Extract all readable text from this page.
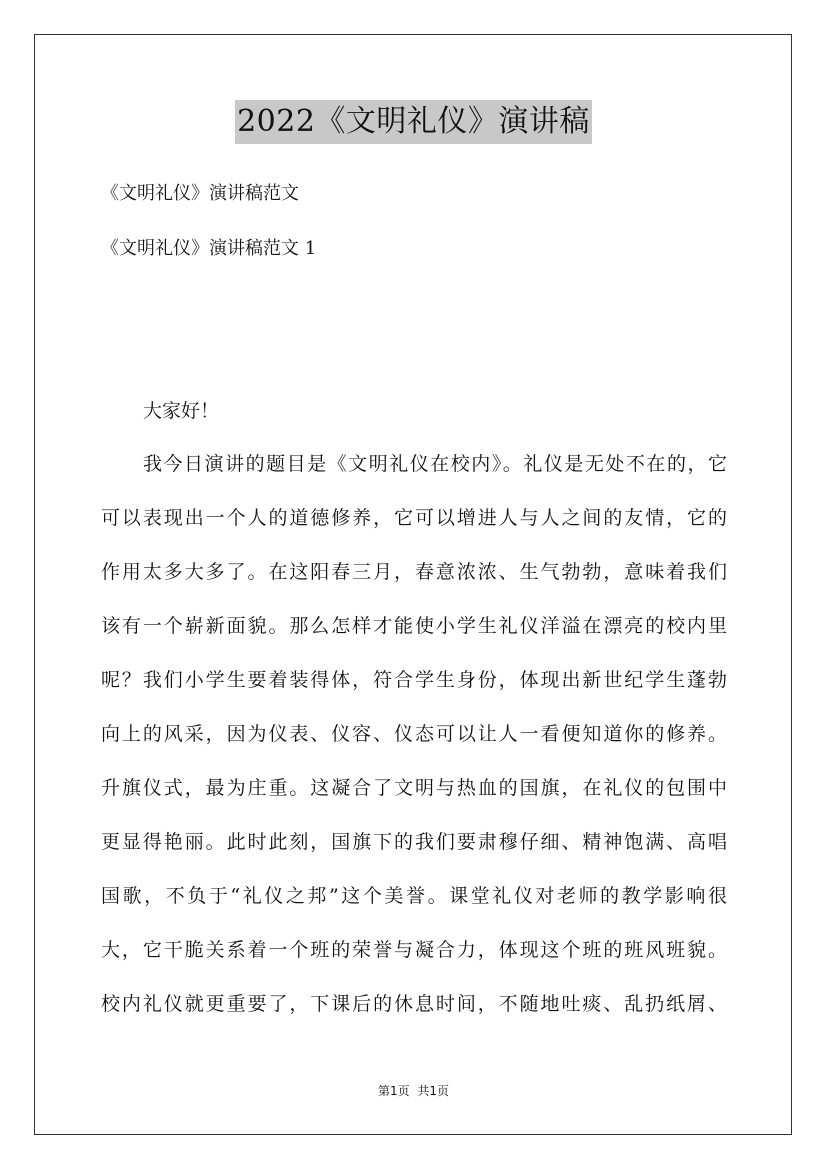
2022《文明礼仪》演讲稿
《文明礼仪》演讲稿范文
《文明礼仪》演讲稿范文 1
大家好！
我今日演讲的题目是《文明礼仪在校内》。礼仪是无处不在的，它
可以表现出一个人的道德修养，它可以增进人与人之间的友情，它的
作用太多大多了。在这阳春三月，春意浓浓、生气勃勃，意味着我们
该有一个崭新面貌。那么怎样才能使小学生礼仪洋溢在漂亮的校内里
呢？我们小学生要着装得体，符合学生身份，体现出新世纪学生蓬勃
向上的风采，因为仪表、仪容、仪态可以让人一看便知道你的修养。
升旗仪式，最为庄重。这凝合了文明与热血的国旗，在礼仪的包围中
更显得艳丽。此时此刻，国旗下的我们要肃穆仔细、精神饱满、高唱
国歌，不负于“礼仪之邦”这个美誉。课堂礼仪对老师的教学影响很
大，它干脆关系着一个班的荣誉与凝合力，体现这个班的班风班貌。
校内礼仪就更重要了，下课后的休息时间，不随地吐痰、乱扔纸屑、
第1页 共1页
